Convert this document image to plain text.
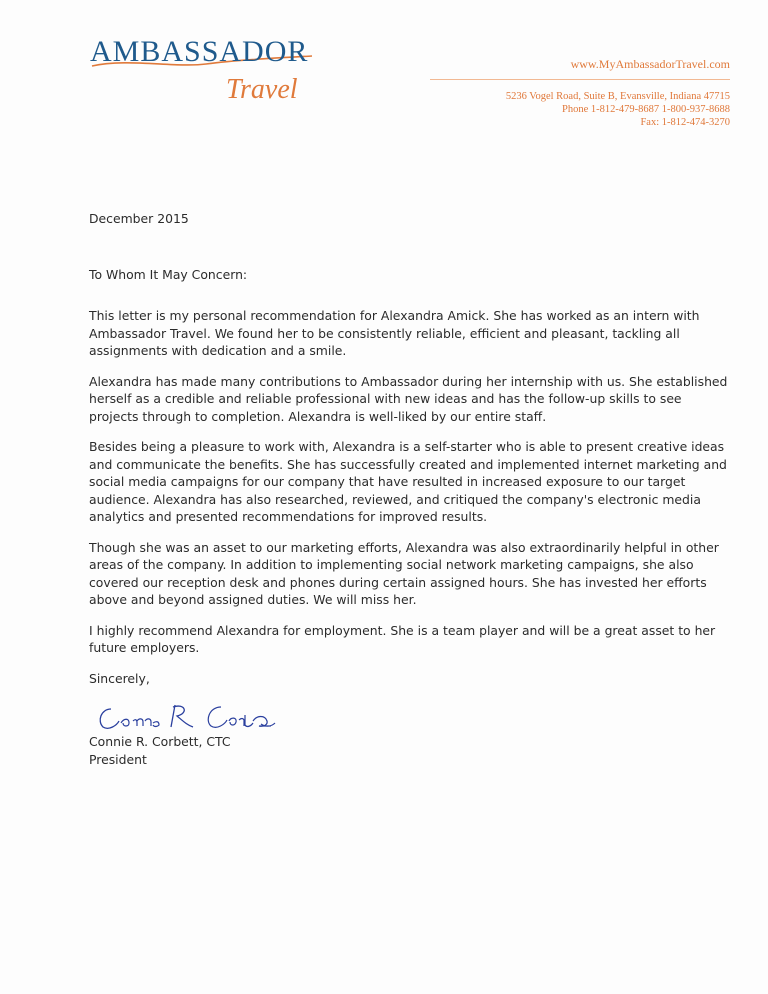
AMBASSADOR
Travel
www.MyAmbassadorTravel.com
5236 Vogel Road, Suite B, Evansville, Indiana 47715
Phone 1-812-479-8687 1-800-937-8688
Fax: 1-812-474-3270

December 2015

To Whom It May Concern:

This letter is my personal recommendation for Alexandra Amick. She has worked as an intern with Ambassador Travel. We found her to be consistently reliable, efficient and pleasant, tackling all assignments with dedication and a smile.

Alexandra has made many contributions to Ambassador during her internship with us. She established herself as a credible and reliable professional with new ideas and has the follow-up skills to see projects through to completion. Alexandra is well-liked by our entire staff.

Besides being a pleasure to work with, Alexandra is a self-starter who is able to present creative ideas and communicate the benefits. She has successfully created and implemented internet marketing and social media campaigns for our company that have resulted in increased exposure to our target audience. Alexandra has also researched, reviewed, and critiqued the company's electronic media analytics and presented recommendations for improved results.

Though she was an asset to our marketing efforts, Alexandra was also extraordinarily helpful in other areas of the company. In addition to implementing social network marketing campaigns, she also covered our reception desk and phones during certain assigned hours. She has invested her efforts above and beyond assigned duties. We will miss her.

I highly recommend Alexandra for employment. She is a team player and will be a great asset to her future employers.

Sincerely,

Connie R. Corbett, CTC

President
